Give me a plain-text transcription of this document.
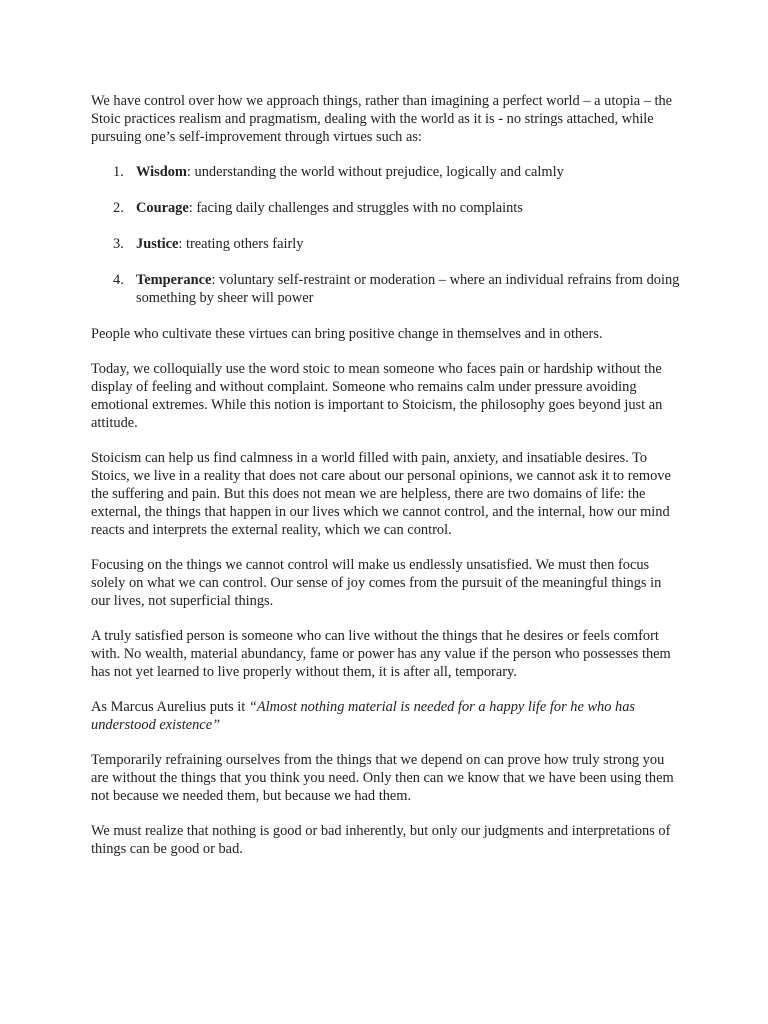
We have control over how we approach things, rather than imagining a perfect world – a utopia – the Stoic practices realism and pragmatism, dealing with the world as it is - no strings attached, while pursuing one’s self-improvement through virtues such as:

1. Wisdom: understanding the world without prejudice, logically and calmly
2. Courage: facing daily challenges and struggles with no complaints
3. Justice: treating others fairly
4. Temperance: voluntary self-restraint or moderation – where an individual refrains from doing something by sheer will power

People who cultivate these virtues can bring positive change in themselves and in others.

Today, we colloquially use the word stoic to mean someone who faces pain or hardship without the display of feeling and without complaint. Someone who remains calm under pressure avoiding emotional extremes. While this notion is important to Stoicism, the philosophy goes beyond just an attitude.

Stoicism can help us find calmness in a world filled with pain, anxiety, and insatiable desires. To Stoics, we live in a reality that does not care about our personal opinions, we cannot ask it to remove the suffering and pain. But this does not mean we are helpless, there are two domains of life: the external, the things that happen in our lives which we cannot control, and the internal, how our mind reacts and interprets the external reality, which we can control.

Focusing on the things we cannot control will make us endlessly unsatisfied. We must then focus solely on what we can control. Our sense of joy comes from the pursuit of the meaningful things in our lives, not superficial things.

A truly satisfied person is someone who can live without the things that he desires or feels comfort with. No wealth, material abundancy, fame or power has any value if the person who possesses them has not yet learned to live properly without them, it is after all, temporary.

As Marcus Aurelius puts it “Almost nothing material is needed for a happy life for he who has understood existence”

Temporarily refraining ourselves from the things that we depend on can prove how truly strong you are without the things that you think you need. Only then can we know that we have been using them not because we needed them, but because we had them.

We must realize that nothing is good or bad inherently, but only our judgments and interpretations of things can be good or bad.
